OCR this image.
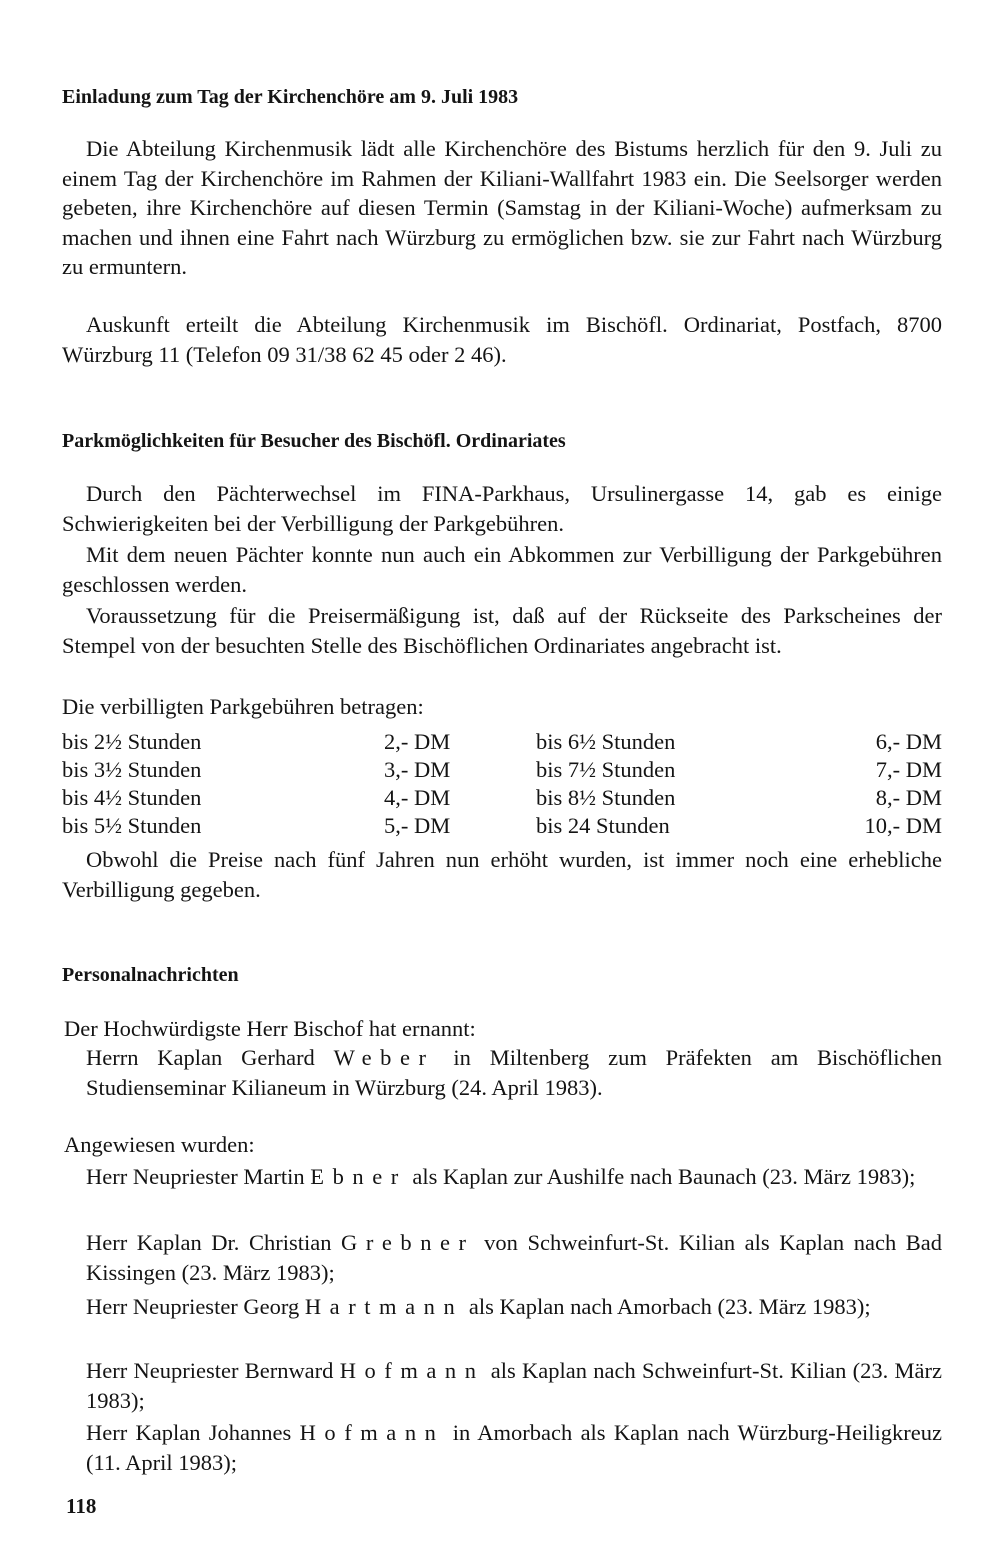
Einladung zum Tag der Kirchenchöre am 9. Juli 1983

Die Abteilung Kirchenmusik lädt alle Kirchenchöre des Bistums herzlich für den 9. Juli zu einem Tag der Kirchenchöre im Rahmen der Kiliani-Wallfahrt 1983 ein. Die Seelsorger werden gebeten, ihre Kirchenchöre auf diesen Termin (Samstag in der Kiliani-Woche) aufmerksam zu machen und ihnen eine Fahrt nach Würzburg zu ermöglichen bzw. sie zur Fahrt nach Würzburg zu ermuntern.

Auskunft erteilt die Abteilung Kirchenmusik im Bischöfl. Ordinariat, Postfach, 8700 Würzburg 11 (Telefon 09 31/38 62 45 oder 2 46).

Parkmöglichkeiten für Besucher des Bischöfl. Ordinariates

Durch den Pächterwechsel im FINA-Parkhaus, Ursulinergasse 14, gab es einige Schwierigkeiten bei der Verbilligung der Parkgebühren.

Mit dem neuen Pächter konnte nun auch ein Abkommen zur Verbilligung der Parkgebühren geschlossen werden.

Voraussetzung für die Preisermäßigung ist, daß auf der Rückseite des Parkscheines der Stempel von der besuchten Stelle des Bischöflichen Ordinariates angebracht ist.

Die verbilligten Parkgebühren betragen:
bis 2½ Stunden	2,- DM	bis 6½ Stunden	6,- DM
bis 3½ Stunden	3,- DM	bis 7½ Stunden	7,- DM
bis 4½ Stunden	4,- DM	bis 8½ Stunden	8,- DM
bis 5½ Stunden	5,- DM	bis 24 Stunden	10,- DM

Obwohl die Preise nach fünf Jahren nun erhöht wurden, ist immer noch eine erhebliche Verbilligung gegeben.

Personalnachrichten
Der Hochwürdigste Herr Bischof hat ernannt:

Herrn Kaplan Gerhard Weber in Miltenberg zum Präfekten am Bischöflichen Studienseminar Kilianeum in Würzburg (24. April 1983).

Angewiesen wurden:

Herr Neupriester Martin Ebner als Kaplan zur Aushilfe nach Baunach (23. März 1983);

Herr Kaplan Dr. Christian Grebner von Schweinfurt-St. Kilian als Kaplan nach Bad Kissingen (23. März 1983);

Herr Neupriester Georg Hartmann als Kaplan nach Amorbach (23. März 1983);

Herr Neupriester Bernward Hofmann als Kaplan nach Schweinfurt-St. Kilian (23. März 1983);

Herr Kaplan Johannes Hofmann in Amorbach als Kaplan nach Würzburg-Heiligkreuz (11. April 1983);

118
